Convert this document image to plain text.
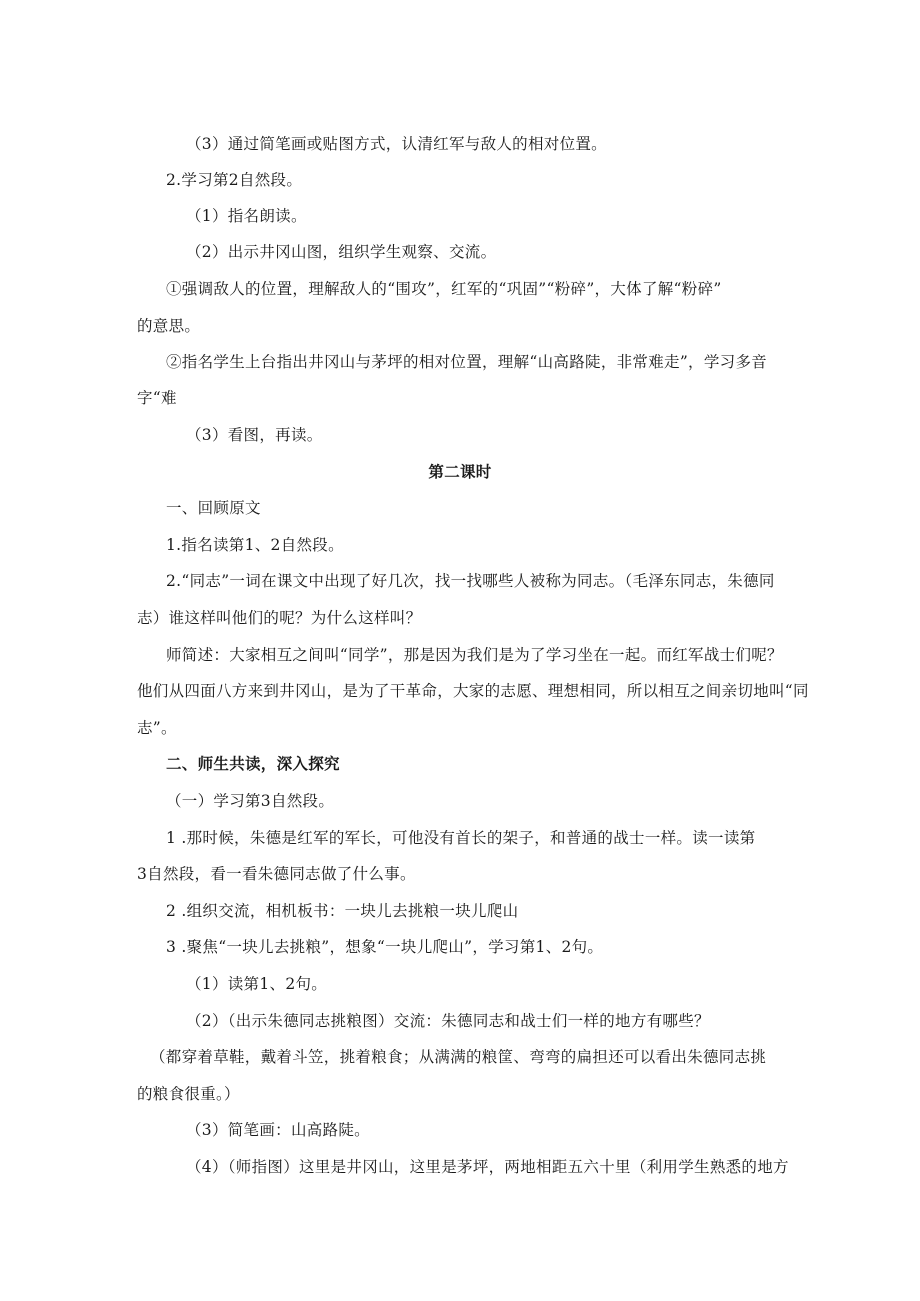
（3）通过简笔画或贴图方式，认清红军与敌人的相对位置。
2.学习第2自然段。
（1）指名朗读。
（2）出示井冈山图，组织学生观察、交流。
①强调敌人的位置，理解敌人的“围攻”，红军的“巩固”“粉碎”，大体了解“粉碎”
的意思。
②指名学生上台指出井冈山与茅坪的相对位置，理解“山高路陡，非常难走”，学习多音
字“难
（3）看图，再读。
第二课时
一、回顾原文
1.指名读第1、2自然段。
2.“同志”一词在课文中出现了好几次，找一找哪些人被称为同志。（毛泽东同志，朱德同
志）谁这样叫他们的呢？为什么这样叫？
师简述：大家相互之间叫“同学”，那是因为我们是为了学习坐在一起。而红军战士们呢？
他们从四面八方来到井冈山，是为了干革命，大家的志愿、理想相同，所以相互之间亲切地叫“同
志”。
二、师生共读，深入探究
（一）学习第3自然段。
1 .那时候，朱德是红军的军长，可他没有首长的架子，和普通的战士一样。读一读第
3自然段，看一看朱德同志做了什么事。
2 .组织交流，相机板书：一块儿去挑粮一块儿爬山
3 .聚焦“一块儿去挑粮”，想象“一块儿爬山”，学习第1、2句。
（1）读第1、2句。
（2）（出示朱德同志挑粮图）交流：朱德同志和战士们一样的地方有哪些？
（都穿着草鞋，戴着斗笠，挑着粮食；从满满的粮筐、弯弯的扁担还可以看出朱德同志挑
的粮食很重。）
（3）简笔画：山高路陡。
（4）（师指图）这里是井冈山，这里是茅坪，两地相距五六十里（利用学生熟悉的地方
